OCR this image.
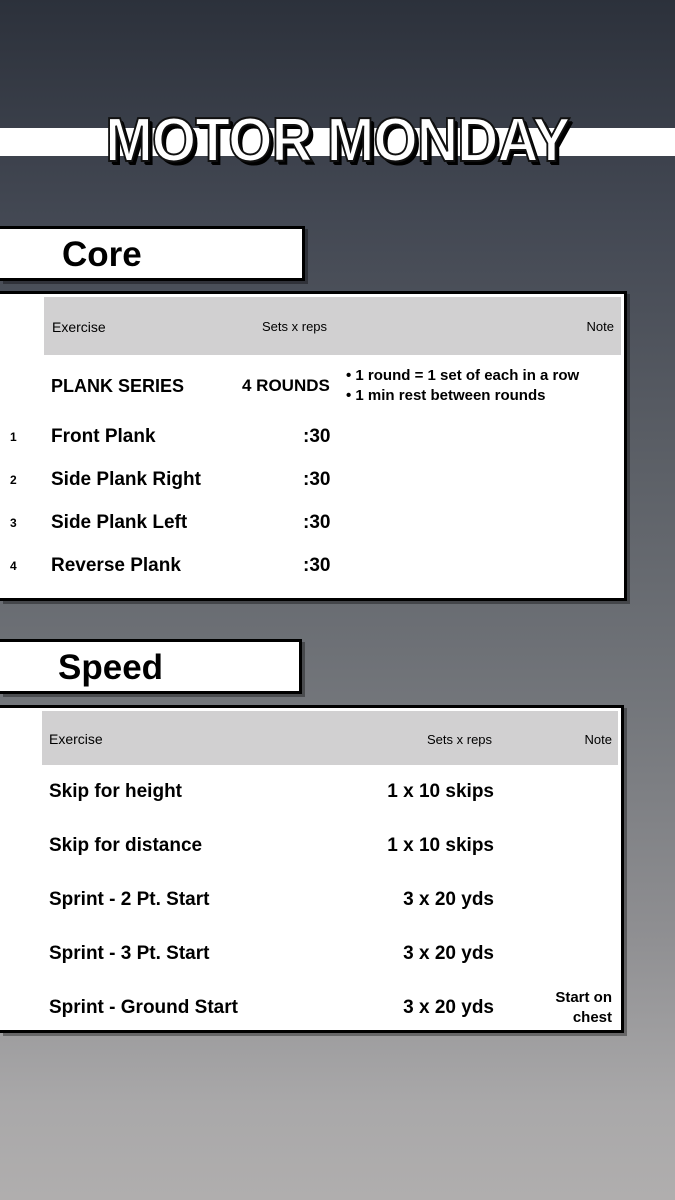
MOTOR MONDAY
Core
Exercise	Sets x reps	Note
PLANK SERIES	4 ROUNDS
• 1 round = 1 set of each in a row
• 1 min rest between rounds
1 Front Plank	:30
2 Side Plank Right	:30
3 Side Plank Left	:30
4 Reverse Plank	:30
Speed
Exercise	Sets x reps	Note
Skip for height	1 x 10 skips
Skip for distance	1 x 10 skips
Sprint - 2 Pt. Start	3 x 20 yds
Sprint - 3 Pt. Start	3 x 20 yds
Sprint - Ground Start	3 x 20 yds	Start on
chest
